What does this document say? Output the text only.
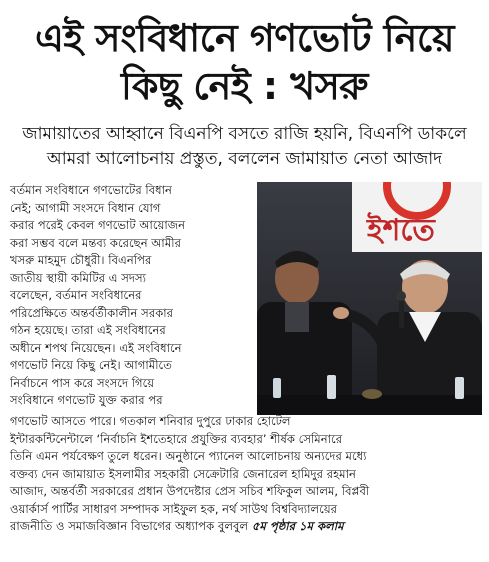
এই সংবিধানে গণভোট নিয়ে
কিছু নেই : খসরু
জামায়াতের আহ্বানে বিএনপি বসতে রাজি হয়নি, বিএনপি ডাকলে
আমরা আলোচনায় প্রস্তুত, বললেন জামায়াত নেতা আজাদ
ইশতে
বর্তমান সংবিধানে গণভোটের বিধান
নেই; আগামী সংসদে বিধান যোগ
করার পরেই কেবল গণভোট আয়োজন
করা সম্ভব বলে মন্তব্য করেছেন আমীর
খসরু মাহমুদ চৌধুরী। বিএনপির
জাতীয় স্থায়ী কমিটির এ সদস্য
বলেছেন, বর্তমান সংবিধানের
পরিপ্রেক্ষিতে অন্তর্বর্তীকালীন সরকার
গঠন হয়েছে। তারা এই সংবিধানের
অধীনে শপথ নিয়েছেন। এই সংবিধানে
গণভোট নিয়ে কিছু নেই। আগামীতে
নির্বাচনে পাস করে সংসদে গিয়ে
সংবিধানে গণভোট যুক্ত করার পর
গণভোট আসতে পারে। গতকাল শনিবার দুপুরে ঢাকার হোটেল
ইন্টারকন্টিনেন্টালে ‘নির্বাচনি ইশতেহারে প্রযুক্তির ব্যবহার’ শীর্ষক সেমিনারে
তিনি এমন পর্যবেক্ষণ তুলে ধরেন। অনুষ্ঠানে প্যানেল আলোচনায় অন্যদের মধ্যে
বক্তব্য দেন জামায়াত ইসলামীর সহকারী সেক্রেটারি জেনারেল হামিদুর রহমান
আজাদ, অন্তর্বর্তী সরকারের প্রধান উপদেষ্টার প্রেস সচিব শফিকুল আলম, বিপ্লবী
ওয়ার্কার্স পার্টির সাধারণ সম্পাদক সাইফুল হক, নর্থ সাউথ বিশ্ববিদ্যালয়ের
রাজনীতি ও সমাজবিজ্ঞান বিভাগের অধ্যাপক বুলবুল ৫ম পৃষ্ঠার ১ম কলাম
